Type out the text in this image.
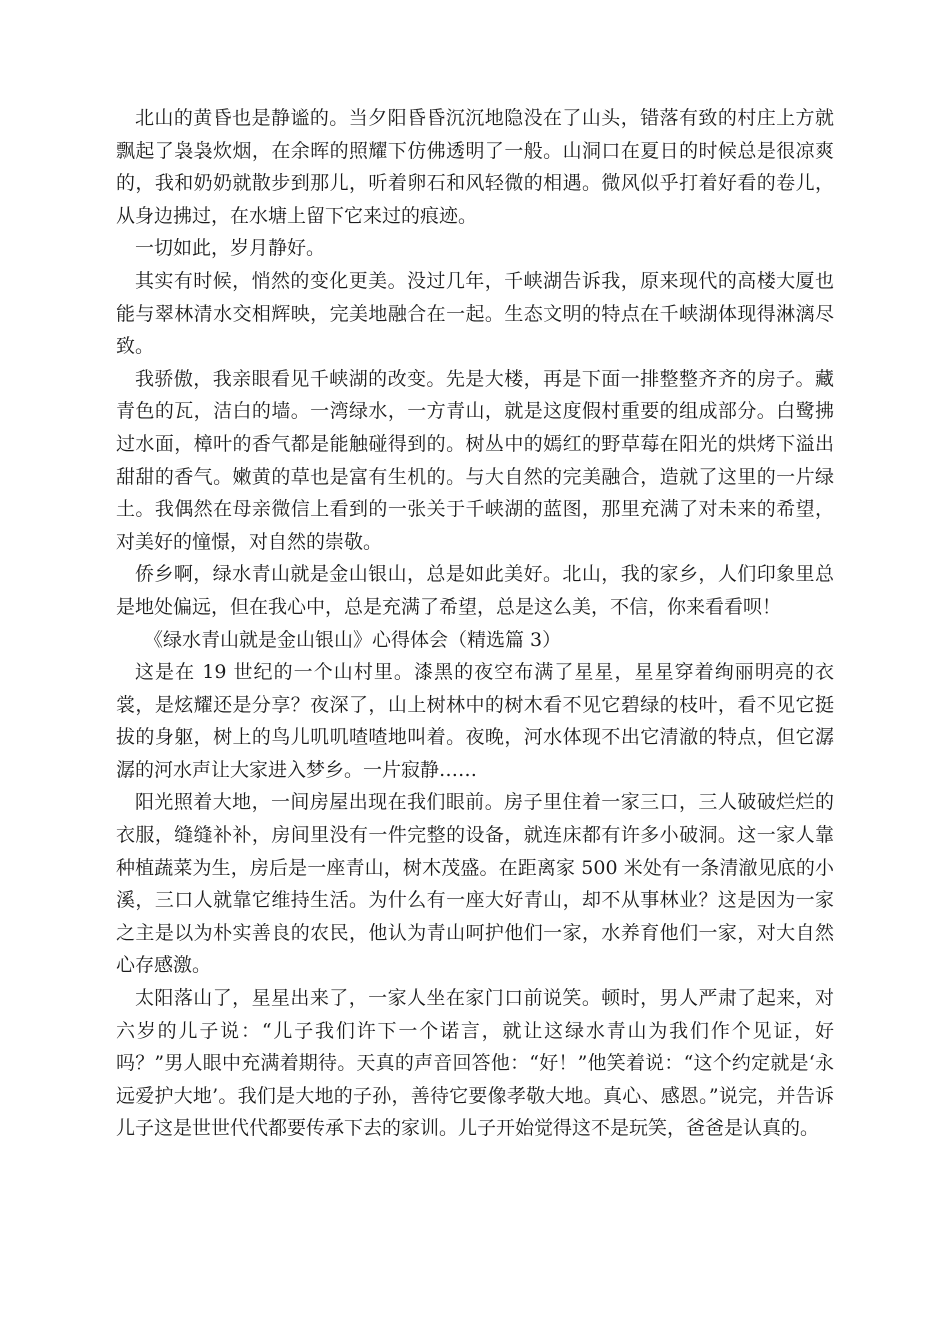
北山的黄昏也是静谧的。当夕阳昏昏沉沉地隐没在了山头，错落有致的村庄上方就飘起了袅袅炊烟，在余晖的照耀下仿佛透明了一般。山洞口在夏日的时候总是很凉爽的，我和奶奶就散步到那儿，听着卵石和风轻微的相遇。微风似乎打着好看的卷儿，从身边拂过，在水塘上留下它来过的痕迹。

一切如此，岁月静好。

其实有时候，悄然的变化更美。没过几年，千峡湖告诉我，原来现代的高楼大厦也能与翠林清水交相辉映，完美地融合在一起。生态文明的特点在千峡湖体现得淋漓尽致。

我骄傲，我亲眼看见千峡湖的改变。先是大楼，再是下面一排整整齐齐的房子。藏青色的瓦，洁白的墙。一湾绿水，一方青山，就是这度假村重要的组成部分。白鹭拂过水面，樟叶的香气都是能触碰得到的。树丛中的嫣红的野草莓在阳光的烘烤下溢出甜甜的香气。嫩黄的草也是富有生机的。与大自然的完美融合，造就了这里的一片绿土。我偶然在母亲微信上看到的一张关于千峡湖的蓝图，那里充满了对未来的希望，对美好的憧憬，对自然的崇敬。

侨乡啊，绿水青山就是金山银山，总是如此美好。北山，我的家乡，人们印象里总是地处偏远，但在我心中，总是充满了希望，总是这么美，不信，你来看看呗！

《绿水青山就是金山银山》心得体会（精选篇 3）

这是在 19 世纪的一个山村里。漆黑的夜空布满了星星，星星穿着绚丽明亮的衣裳，是炫耀还是分享？夜深了，山上树林中的树木看不见它碧绿的枝叶，看不见它挺拔的身躯，树上的鸟儿叽叽喳喳地叫着。夜晚，河水体现不出它清澈的特点，但它潺潺的河水声让大家进入梦乡。一片寂静……

阳光照着大地，一间房屋出现在我们眼前。房子里住着一家三口，三人破破烂烂的衣服，缝缝补补，房间里没有一件完整的设备，就连床都有许多小破洞。这一家人靠种植蔬菜为生，房后是一座青山，树木茂盛。在距离家 500 米处有一条清澈见底的小溪，三口人就靠它维持生活。为什么有一座大好青山，却不从事林业？这是因为一家之主是以为朴实善良的农民，他认为青山呵护他们一家，水养育他们一家，对大自然心存感激。

太阳落山了，星星出来了，一家人坐在家门口前说笑。顿时，男人严肃了起来，对六岁的儿子说：“儿子我们许下一个诺言，就让这绿水青山为我们作个见证，好吗？”男人眼中充满着期待。天真的声音回答他：“好！”他笑着说：“这个约定就是‘永远爱护大地’。我们是大地的子孙，善待它要像孝敬大地。真心、感恩。”说完，并告诉儿子这是世世代代都要传承下去的家训。儿子开始觉得这不是玩笑，爸爸是认真的。
